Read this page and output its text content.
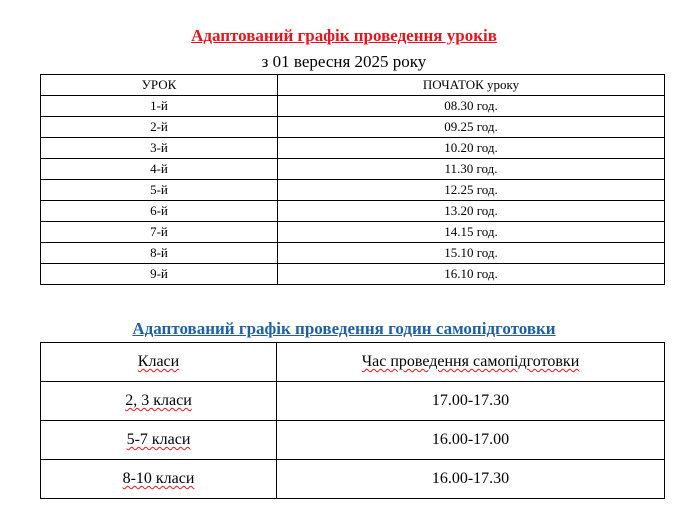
Адаптований графік проведення уроків
з 01 вересня 2025 року
УРОК	ПОЧАТОК уроку
1-й	08.30 год.
2-й	09.25 год.
3-й	10.20 год.
4-й	11.30 год.
5-й	12.25 год.
6-й	13.20 год.
7-й	14.15 год.
8-й	15.10 год.
9-й	16.10 год.
Адаптований графік проведення годин самопідготовки
Класи	Час проведення самопідготовки
2, 3 класи	17.00-17.30
5-7 класи	16.00-17.00
8-10 класи	16.00-17.30
